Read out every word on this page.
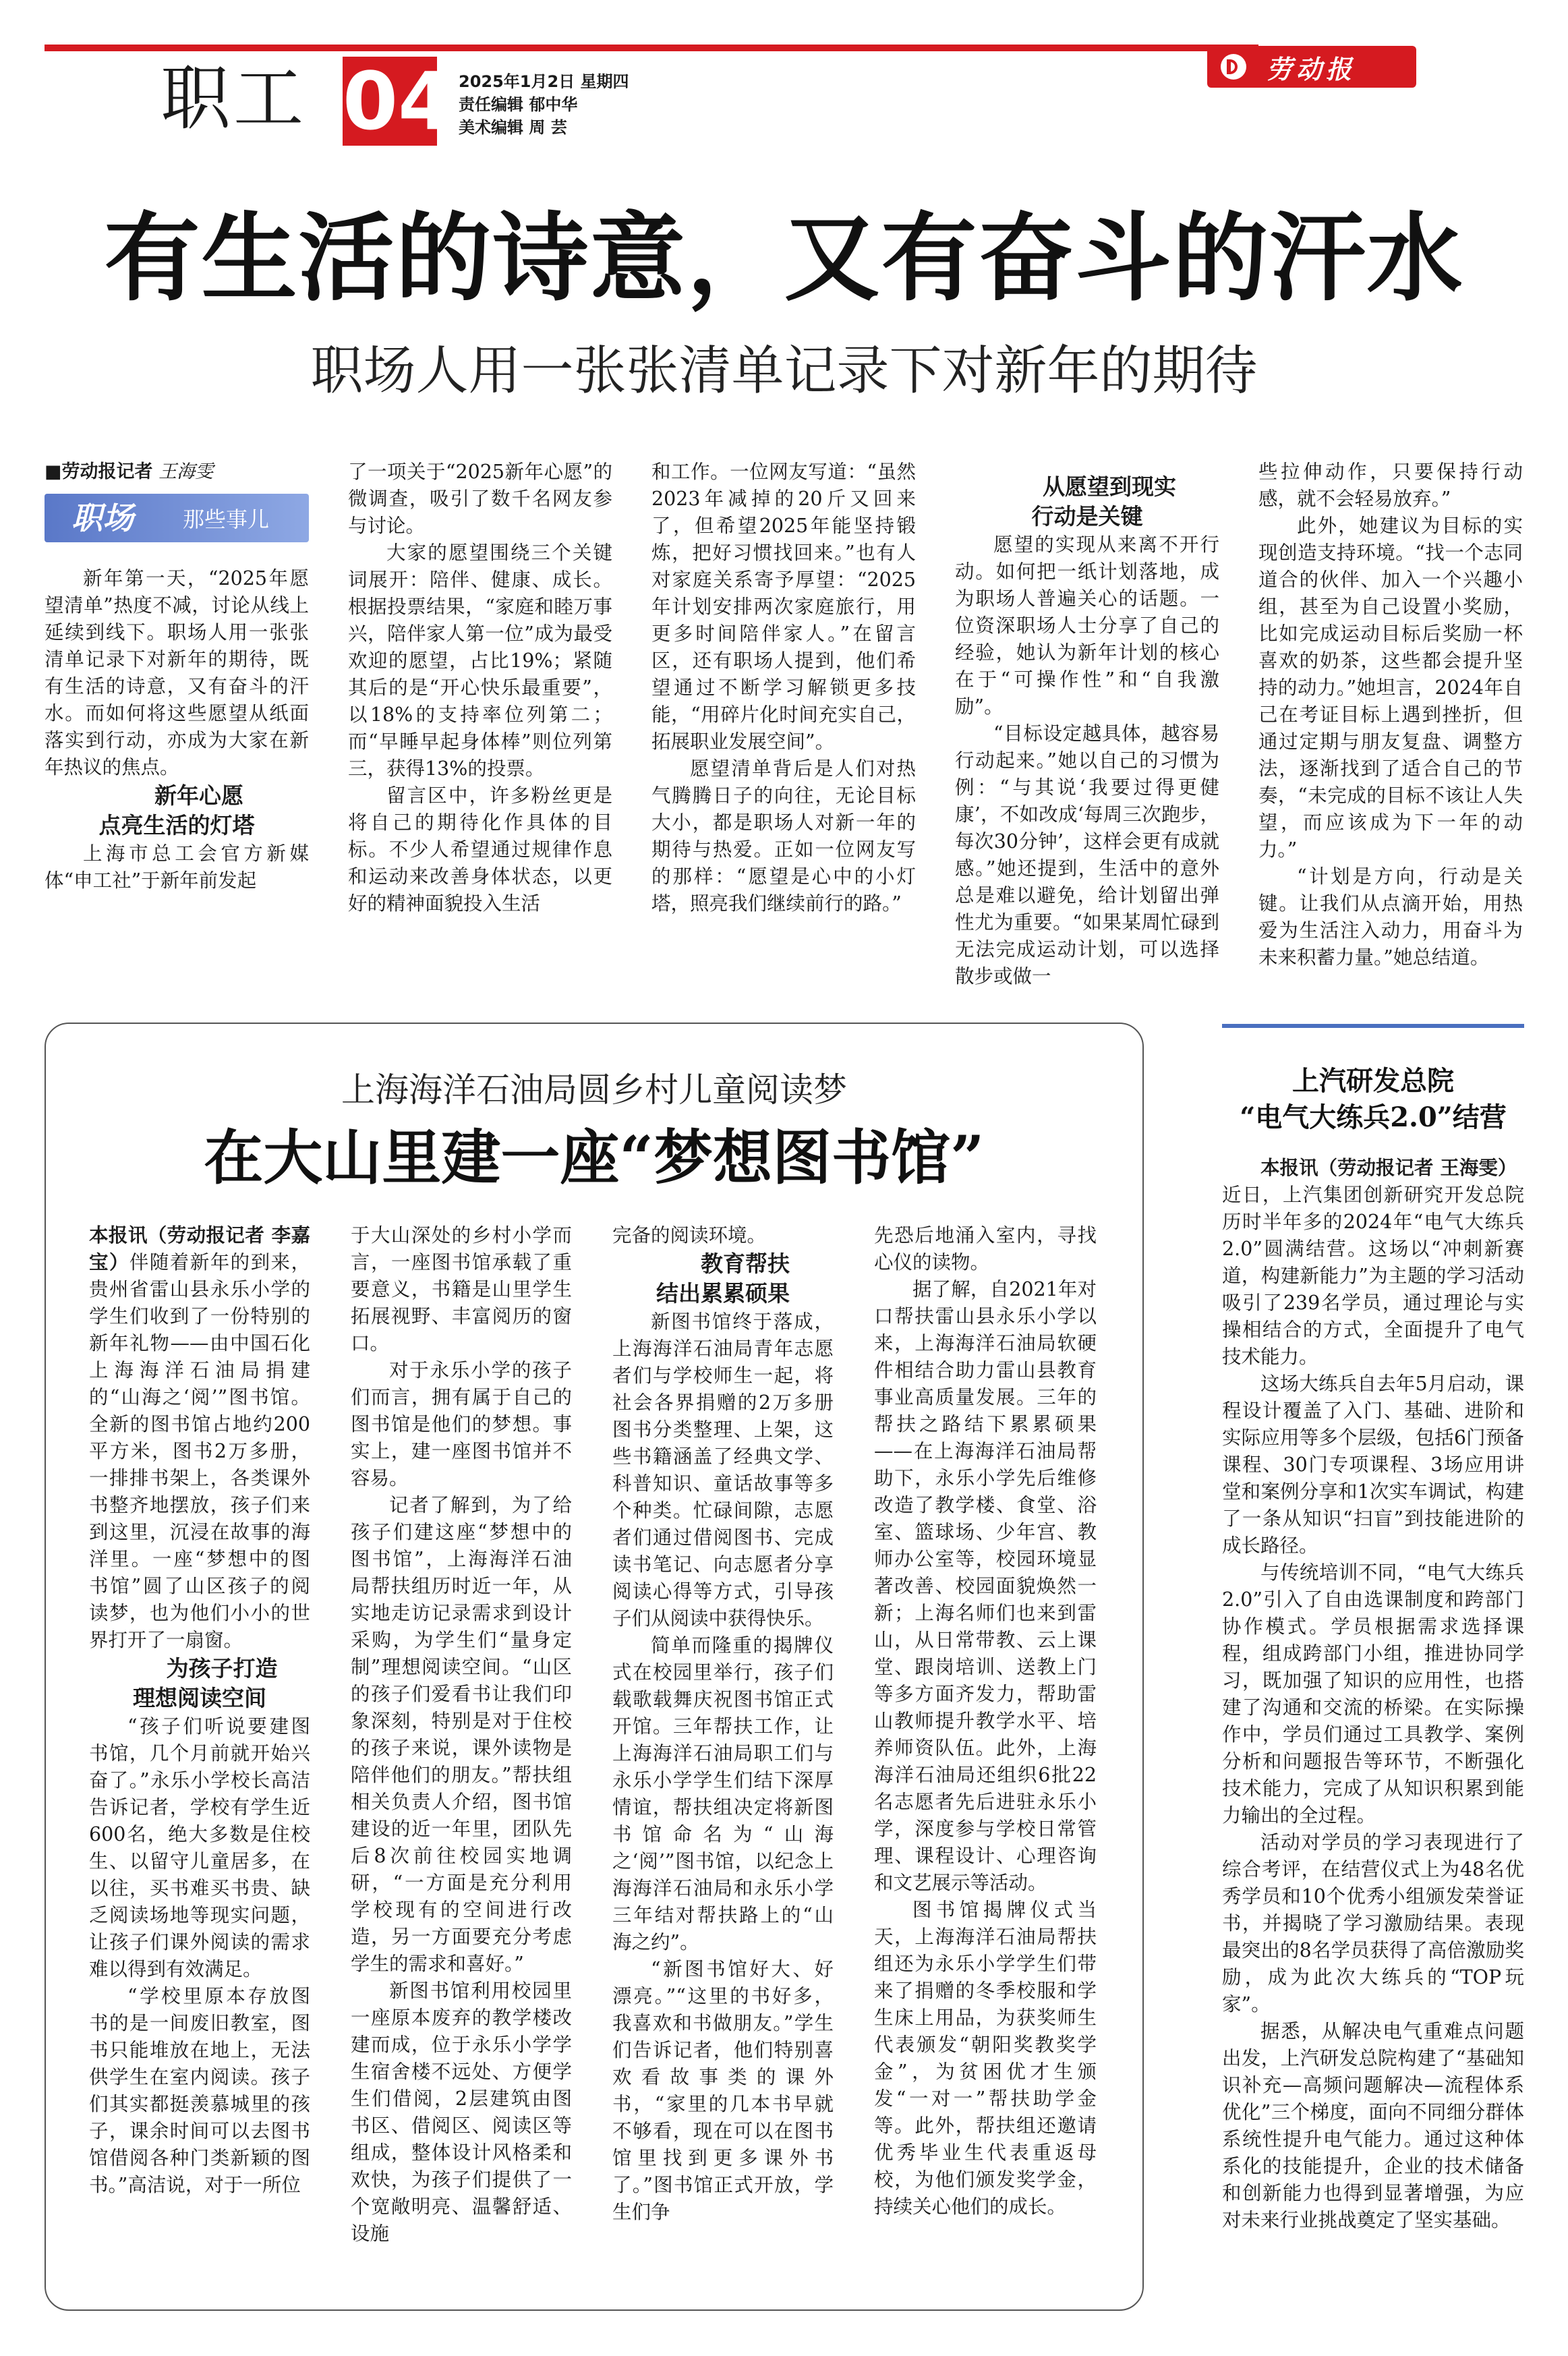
职工 04 2025年1月2日 星期四
责任编辑 郁中华
美术编辑 周 芸
劳动报
有生活的诗意，又有奋斗的汗水
职场人用一张张清单记录下对新年的期待

■劳动报记者 王海雯

职场 那些事儿

新年第一天，“2025年愿望清单”热度不减，讨论从线上延续到线下。职场人用一张张清单记录下对新年的期待，既有生活的诗意，又有奋斗的汗水。而如何将这些愿望从纸面落实到行动，亦成为大家在新年热议的焦点。

新年心愿
点亮生活的灯塔

上海市总工会官方新媒体“申工社”于新年前发起

了一项关于“2025新年心愿”的微调查，吸引了数千名网友参与讨论。

大家的愿望围绕三个关键词展开：陪伴、健康、成长。根据投票结果，“家庭和睦万事兴，陪伴家人第一位”成为最受欢迎的愿望，占比19%；紧随其后的是“开心快乐最重要”，以18%的支持率位列第二；而“早睡早起身体棒”则位列第三，获得13%的投票。

留言区中，许多粉丝更是将自己的期待化作具体的目标。不少人希望通过规律作息和运动来改善身体状态，以更好的精神面貌投入生活

和工作。一位网友写道：“虽然2023年减掉的20斤又回来了，但希望2025年能坚持锻炼，把好习惯找回来。”也有人对家庭关系寄予厚望：“2025年计划安排两次家庭旅行，用更多时间陪伴家人。”在留言区，还有职场人提到，他们希望通过不断学习解锁更多技能，“用碎片化时间充实自己，拓展职业发展空间”。

愿望清单背后是人们对热气腾腾日子的向往，无论目标大小，都是职场人对新一年的期待与热爱。正如一位网友写的那样：“愿望是心中的小灯塔，照亮我们继续前行的路。”

从愿望到现实
行动是关键

愿望的实现从来离不开行动。如何把一纸计划落地，成为职场人普遍关心的话题。一位资深职场人士分享了自己的经验，她认为新年计划的核心在于“可操作性”和“自我激励”。

“目标设定越具体，越容易行动起来。”她以自己的习惯为例：“与其说‘我要过得更健康’，不如改成‘每周三次跑步，每次30分钟’，这样会更有成就感。”她还提到，生活中的意外总是难以避免，给计划留出弹性尤为重要。“如果某周忙碌到无法完成运动计划，可以选择散步或做一

些拉伸动作，只要保持行动感，就不会轻易放弃。”

此外，她建议为目标的实现创造支持环境。“找一个志同道合的伙伴、加入一个兴趣小组，甚至为自己设置小奖励，比如完成运动目标后奖励一杯喜欢的奶茶，这些都会提升坚持的动力。”她坦言，2024年自己在考证目标上遇到挫折，但通过定期与朋友复盘、调整方法，逐渐找到了适合自己的节奏，“未完成的目标不该让人失望，而应该成为下一年的动力。”

“计划是方向，行动是关键。让我们从点滴开始，用热爱为生活注入动力，用奋斗为未来积蓄力量。”她总结道。

上海海洋石油局圆乡村儿童阅读梦
在大山里建一座“梦想图书馆”

本报讯（劳动报记者 李嘉宝）伴随着新年的到来，贵州省雷山县永乐小学的学生们收到了一份特别的新年礼物——由中国石化上海海洋石油局捐建的“山海之‘阅’”图书馆。全新的图书馆占地约200平方米，图书2万多册，一排排书架上，各类课外书整齐地摆放，孩子们来到这里，沉浸在故事的海洋里。一座“梦想中的图书馆”圆了山区孩子的阅读梦，也为他们小小的世界打开了一扇窗。

为孩子打造
理想阅读空间

“孩子们听说要建图书馆，几个月前就开始兴奋了。”永乐小学校长高洁告诉记者，学校有学生近600名，绝大多数是住校生、以留守儿童居多，在以往，买书难买书贵、缺乏阅读场地等现实问题，让孩子们课外阅读的需求难以得到有效满足。

“学校里原本存放图书的是一间废旧教室，图书只能堆放在地上，无法供学生在室内阅读。孩子们其实都挺羡慕城里的孩子，课余时间可以去图书馆借阅各种门类新颖的图书。”高洁说，对于一所位

于大山深处的乡村小学而言，一座图书馆承载了重要意义，书籍是山里学生拓展视野、丰富阅历的窗口。

对于永乐小学的孩子们而言，拥有属于自己的图书馆是他们的梦想。事实上，建一座图书馆并不容易。

记者了解到，为了给孩子们建这座“梦想中的图书馆”，上海海洋石油局帮扶组历时近一年，从实地走访记录需求到设计采购，为学生们“量身定制”理想阅读空间。“山区的孩子们爱看书让我们印象深刻，特别是对于住校的孩子来说，课外读物是陪伴他们的朋友。”帮扶组相关负责人介绍，图书馆建设的近一年里，团队先后8次前往校园实地调研，“一方面是充分利用学校现有的空间进行改造，另一方面要充分考虑学生的需求和喜好。”

新图书馆利用校园里一座原本废弃的教学楼改建而成，位于永乐小学学生宿舍楼不远处、方便学生们借阅，2层建筑由图书区、借阅区、阅读区等组成，整体设计风格柔和欢快，为孩子们提供了一个宽敞明亮、温馨舒适、设施

完备的阅读环境。

教育帮扶
结出累累硕果

新图书馆终于落成，上海海洋石油局青年志愿者们与学校师生一起，将社会各界捐赠的2万多册图书分类整理、上架，这些书籍涵盖了经典文学、科普知识、童话故事等多个种类。忙碌间隙，志愿者们通过借阅图书、完成读书笔记、向志愿者分享阅读心得等方式，引导孩子们从阅读中获得快乐。

简单而隆重的揭牌仪式在校园里举行，孩子们载歌载舞庆祝图书馆正式开馆。三年帮扶工作，让上海海洋石油局职工们与永乐小学学生们结下深厚情谊，帮扶组决定将新图书馆命名为“山海之‘阅’”图书馆，以纪念上海海洋石油局和永乐小学三年结对帮扶路上的“山海之约”。

“新图书馆好大、好漂亮。”“这里的书好多，我喜欢和书做朋友。”学生们告诉记者，他们特别喜欢看故事类的课外书，“家里的几本书早就不够看，现在可以在图书馆里找到更多课外书了。”图书馆正式开放，学生们争

先恐后地涌入室内，寻找心仪的读物。

据了解，自2021年对口帮扶雷山县永乐小学以来，上海海洋石油局软硬件相结合助力雷山县教育事业高质量发展。三年的帮扶之路结下累累硕果——在上海海洋石油局帮助下，永乐小学先后维修改造了教学楼、食堂、浴室、篮球场、少年宫、教师办公室等，校园环境显著改善、校园面貌焕然一新；上海名师们也来到雷山，从日常带教、云上课堂、跟岗培训、送教上门等多方面齐发力，帮助雷山教师提升教学水平、培养师资队伍。此外，上海海洋石油局还组织6批22名志愿者先后进驻永乐小学，深度参与学校日常管理、课程设计、心理咨询和文艺展示等活动。

图书馆揭牌仪式当天，上海海洋石油局帮扶组还为永乐小学学生们带来了捐赠的冬季校服和学生床上用品，为获奖师生代表颁发“朝阳奖教奖学金”，为贫困优才生颁发“一对一”帮扶助学金等。此外，帮扶组还邀请优秀毕业生代表重返母校，为他们颁发奖学金，持续关心他们的成长。

上汽研发总院
“电气大练兵2.0”结营

本报讯（劳动报记者 王海雯）

近日，上汽集团创新研究开发总院历时半年多的2024年“电气大练兵2.0”圆满结营。这场以“冲刺新赛道，构建新能力”为主题的学习活动吸引了239名学员，通过理论与实操相结合的方式，全面提升了电气技术能力。

这场大练兵自去年5月启动，课程设计覆盖了入门、基础、进阶和实际应用等多个层级，包括6门预备课程、30门专项课程、3场应用讲堂和案例分享和1次实车调试，构建了一条从知识“扫盲”到技能进阶的成长路径。

与传统培训不同，“电气大练兵2.0”引入了自由选课制度和跨部门协作模式。学员根据需求选择课程，组成跨部门小组，推进协同学习，既加强了知识的应用性，也搭建了沟通和交流的桥梁。在实际操作中，学员们通过工具教学、案例分析和问题报告等环节，不断强化技术能力，完成了从知识积累到能力输出的全过程。

活动对学员的学习表现进行了综合考评，在结营仪式上为48名优秀学员和10个优秀小组颁发荣誉证书，并揭晓了学习激励结果。表现最突出的8名学员获得了高倍激励奖励，成为此次大练兵的“TOP玩家”。

据悉，从解决电气重难点问题出发，上汽研发总院构建了“基础知识补充—高频问题解决—流程体系优化”三个梯度，面向不同细分群体系统性提升电气能力。通过这种体系化的技能提升，企业的技术储备和创新能力也得到显著增强，为应对未来行业挑战奠定了坚实基础。
